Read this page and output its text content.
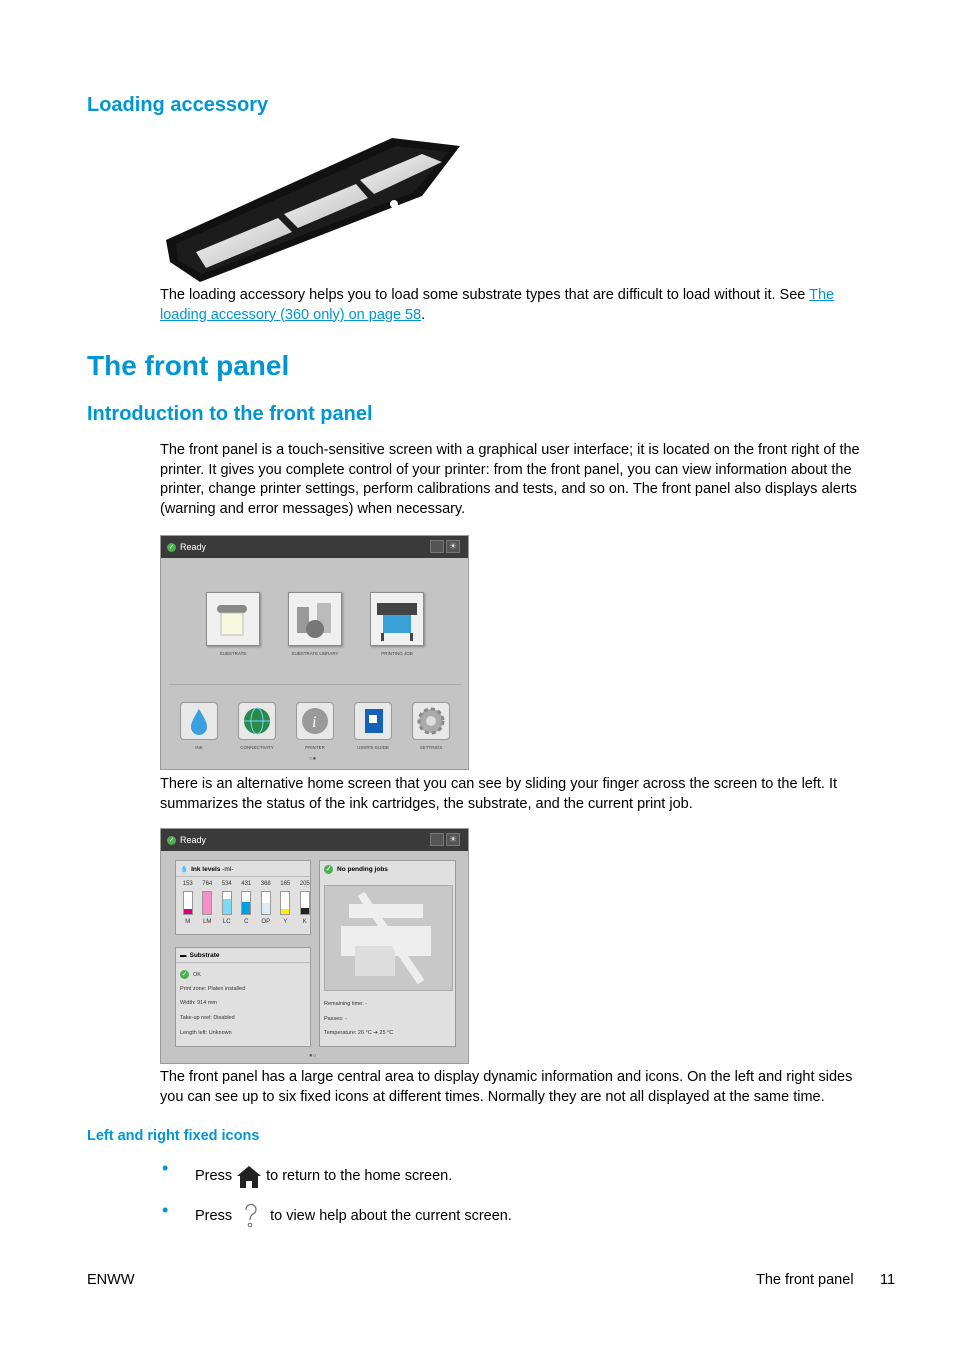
Loading accessory
The loading accessory helps you to load some substrate types that are difficult to load without it. See The loading accessory (360 only) on page 58.
The front panel
Introduction to the front panel
The front panel is a touch-sensitive screen with a graphical user interface; it is located on the front right of the printer. It gives you complete control of your printer: from the front panel, you can view information about the printer, change printer settings, perform calibrations and tests, and so on. The front panel also displays alerts (warning and error messages) when necessary.
✓ Ready	☀
SUBSTRATE	SUBSTRATE LIBRARY	PRINTING JOB
INK	CONNECTIVITY
i
PRINTER	USER'S GUIDE	SETTINGS
○●
There is an alternative home screen that you can see by sliding your finger across the screen to the left. It summarizes the status of the ink cartridges, the substrate, and the current print job.
✓ Ready	☀
💧 Ink levels
-ml-
153
M
764
LM
534
LC
431
C
368
OP
165
Y
205
K
✓ No pending jobs
Remaining time: -
Passes: -
Temperature: 26 °C ➔ 25 °C
▬ Substrate
✓ OK
Print zone: Platen installed
Width: 914 mm
Take-up reel: Disabled
Length left: Unknown
●○
The front panel has a large central area to display dynamic information and icons. On the left and right sides you can see up to six fixed icons at different times. Normally they are not all displayed at the same time.
Left and right fixed icons
• Press to return to the home screen.
• Press	to view help about the current screen.
ENWW	The front panel 11
